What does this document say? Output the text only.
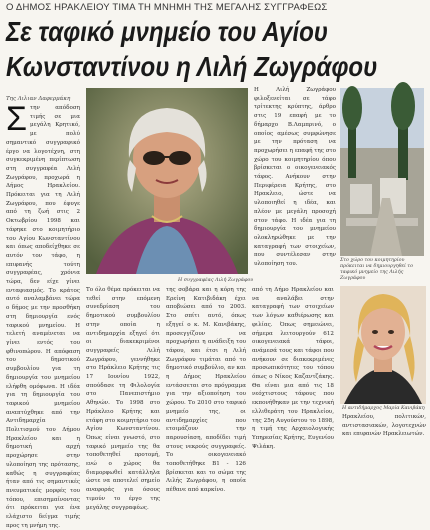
Ο ΔΗΜΟΣ ΗΡΑΚΛΕΙΟΥ ΤΙΜΑ ΤΗ ΜΝΗΜΗ ΤΗΣ ΜΕΓΑΛΗΣ ΣΥΓΓΡΑΦΕΩΣ
Σε ταφικό μνημείο του Αγίου
Κωνσταντίνου η Λιλή Ζωγράφου
Της Λιλιαν Δαφερμάκη
Σ την απόδοση τιμής σε μια μεγάλη Κρητικό, με πολύ σημαντικό συγγραφικό έργο να λογοτέχνη, στη συγκεκριμένη περίπτωση στη συγγραφέα Λιλή Ζωγράφου, προχωρά η Δήμος Ηρακλείου. Πρόκειται για τη Λιλή Ζωγράφου, που έφυγε από τη ζωή στις 2 Οκτωβρίου 1998 και τάφηκε στο κοιμητήριο του Αγίου Κωνσταντίνου και όπως αποδείχθηκε σε αυτόν τον τάφο, η επιφανής τούτη συγγραφέας, χρόνια τώρα, δεν είχε γίνει ενταφιασμός. Το κράτος αυτό αναλαμβάνει τώρα ο δήμος με την προσθήκη στη δημιουργία ενός ταφικού μνημείου. Η τελετή αναμένεται να γίνει εντός του φθινοπώρου. Η απόφαση του δημοτικού συμβουλίου για τη δημιουργία του μνημείου ελήφθη ομόφωνα. Η ιδέα για τη δημιουργία του ταφικού μνημείου αναπτύχθηκε από την Αντιδημαρχία Πολιτισμού του Δήμου Ηρακλείου και η δημοτική αρχή προχώρησε στην υλοποίηση της πρότασης, καθώς η συγγραφέας ήταν από τις σημαντικές πνευματικές μορφές του τόπου, επισημαίνοντας ότι πρόκειται για ένα ελάχιστο δείγμα τιμής προς τη μνήμη της.
Η συγγραφέας Λιλή Ζωγράφου
Το όλο θέμα πρόκειται να τεθεί στην επόμενη συνεδρίαση του δημοτικού συμβουλίου στην οποία η αντιδημαρχία εξηγεί ότι οι διακεκριμένοι συγγραφείς Λιλή Ζωγράφου, γεννήθηκε στο Ηράκλειο Κρήτης τις 17 Ιουνίου 1922, σπούδασε τη Φιλολογία στο Πανεπιστήμιο Αθηνών. Το 1998 στο Ηράκλειο Κρήτης και ετάφη στο κοιμητήριο του Αγίου Κωνσταντίνου. Όπως είναι γνωστό, στο ταφικό μνημείο της θα τοποθετηθεί προτομή, ενώ ο χώρος θα διαμορφωθεί κατάλληλα ώστε να αποτελεί σημείο αναφοράς για όσους τιμούν το έργο της μεγάλης συγγραφέως.
Η Λιλή Ζωγράφου φιλοξενείται σε τάφο τρίτεκτης κρύπτης, άρθρο στις 19 επαφή με το δήμαρχο Β.Λαμπρινό, ο οποίος αμέσως συμφώνησε με την πρόταση να προχωρήσει η επαφή της στο χώρο του κοιμητηρίου όπου βρίσκεται ο οικογενειακός τάφος. Ανήκουν στην Περιφέρεια Κρήτης, στο Ηρακλειο, ώστε να υλοποιηθεί η ιδέα, και πλέον με μεγάλη προσοχή στον τάφο. Η ιδέα για τη δημιουργία του μνημείου ολοκληρώθηκε με την καταγραφή των στοιχείων, που συντέλεσαν στην υλοποίηση του.
της σοβάρα και η κόρη της Ερείνη Κατιβιδάκη έχει αποβιώσει από το 2003. Στο σπίτι αυτό, όπως εξηγεί ο κ. Μ. Κανιβάκης, προσεγγίζουν να προχωρήσει η ανάδειξη του τάφου, και έτσι η Λιλή Ζωγράφου τιμάται από το δημοτικό συμβούλιο, αν και η Δήμος Ηρακλείου εντάσσεται στο πρόγραμμα για την αξιοποίηση του χώρου. Το 2010 στο ταφικό μνημείο της, οι αντιδημαρχίες που ετοιμάζουν την παρουσίαση, αποδίδει τιμή στους νεκρούς συγγραφείς. Το οικογενειακό τοποθετήθηκε Β1 - 126 βρίσκεται και το σώμα της Λιλής Ζωγράφου, η οποία πέθανε από καρκίνο.
Στο χώρο του κοιμητηρίου πρόκειται να δημιουργηθεί το ταφικό μνημείο της Λιλής Ζωγράφου
από τη Δήμο Ηρακλείου και να αναλάβει στην καταγραφή των στοιχείων των λόγων καθιέρωσης και φιλίας. Όπως σημειώνει, σήμερα λειτουργούν 612 οικογενειακά τάφοι, ανάμεσά τους και τάφοι που ανήκουν σε διακεκριμένες προσωπικότητες του τόπου όπως ο Νίκος Καζαντζάκης. Θα είναι μια από τις 18 νεόχτιστους τάφους που εκπονήθηκαν με την τεχνική ελλιθεράτη του Ηρακλείου, της 25η Αυγούστου το 1898, η τιμή της Αρχαιολογικής Υπηρεσίας Κρήτης, Ευγενίου Ψιλάκη.
Η αντιδήμαρχος Μαρία Κανιβάκη
Ηρακλείου, πολιτικών, αντιστασιακών, λογοτεχνών και επιφανών Ηρακλειωτών.
